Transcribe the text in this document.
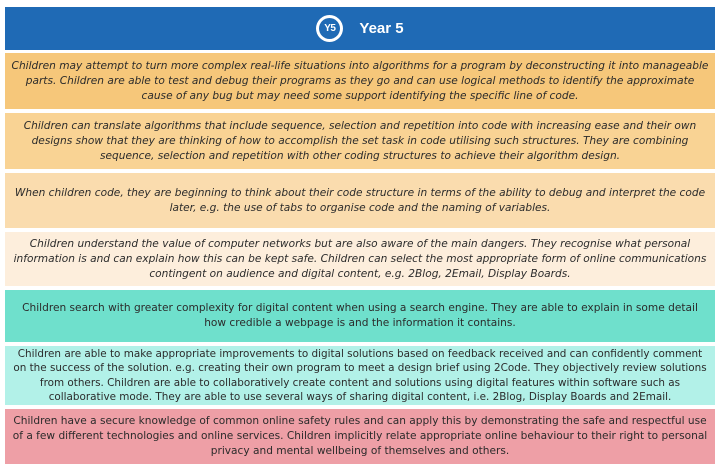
Y5	Year 5
Children may attempt to turn more complex real-life situations into algorithms for a program by deconstructing it into manageable parts. Children are able to test and debug their programs as they go and can use logical methods to identify the approximate cause of any bug but may need some support identifying the specific line of code.
Children can translate algorithms that include sequence, selection and repetition into code with increasing ease and their own designs show that they are thinking of how to accomplish the set task in code utilising such structures. They are combining sequence, selection and repetition with other coding structures to achieve their algorithm design.
When children code, they are beginning to think about their code structure in terms of the ability to debug and interpret the code later, e.g. the use of tabs to organise code and the naming of variables.
Children understand the value of computer networks but are also aware of the main dangers. They recognise what personal information is and can explain how this can be kept safe. Children can select the most appropriate form of online communications contingent on audience and digital content, e.g. 2Blog, 2Email, Display Boards.
Children search with greater complexity for digital content when using a search engine. They are able to explain in some detail how credible a webpage is and the information it contains.
Children are able to make appropriate improvements to digital solutions based on feedback received and can confidently comment on the success of the solution. e.g. creating their own program to meet a design brief using 2Code. They objectively review solutions from others. Children are able to collaboratively create content and solutions using digital features within software such as collaborative mode. They are able to use several ways of sharing digital content, i.e. 2Blog, Display Boards and 2Email.
Children have a secure knowledge of common online safety rules and can apply this by demonstrating the safe and respectful use of a few different technologies and online services. Children implicitly relate appropriate online behaviour to their right to personal privacy and mental wellbeing of themselves and others.
